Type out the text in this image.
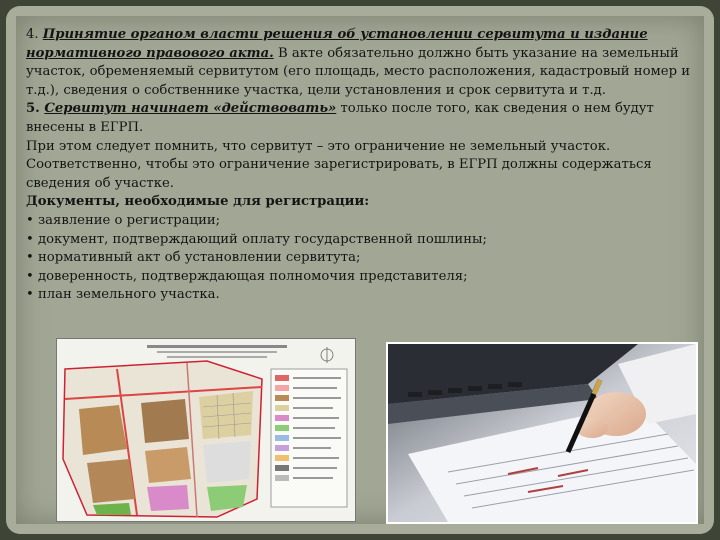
4. Принятие органом власти решения об установлении сервитута и издание нормативного правового акта. В акте обязательно должно быть указание на земельный участок, обременяемый сервитутом (его площадь, место расположения, кадастровый номер и т.д.), сведения о собственнике участка, цели установления и срок сервитута и т.д.

5. Сервитут начинает «действовать» только после того, как сведения о нем будут внесены в ЕГРП.

При этом следует помнить, что сервитут – это ограничение не земельный участок. Соответственно, чтобы это ограничение зарегистрировать, в ЕГРП должны содержаться сведения об участке.

Документы, необходимые для регистрации:

• заявление о регистрации;

• документ, подтверждающий оплату государственной пошлины;

• нормативный акт об установлении сервитута;

• доверенность, подтверждающая полномочия представителя;

• план земельного участка.
